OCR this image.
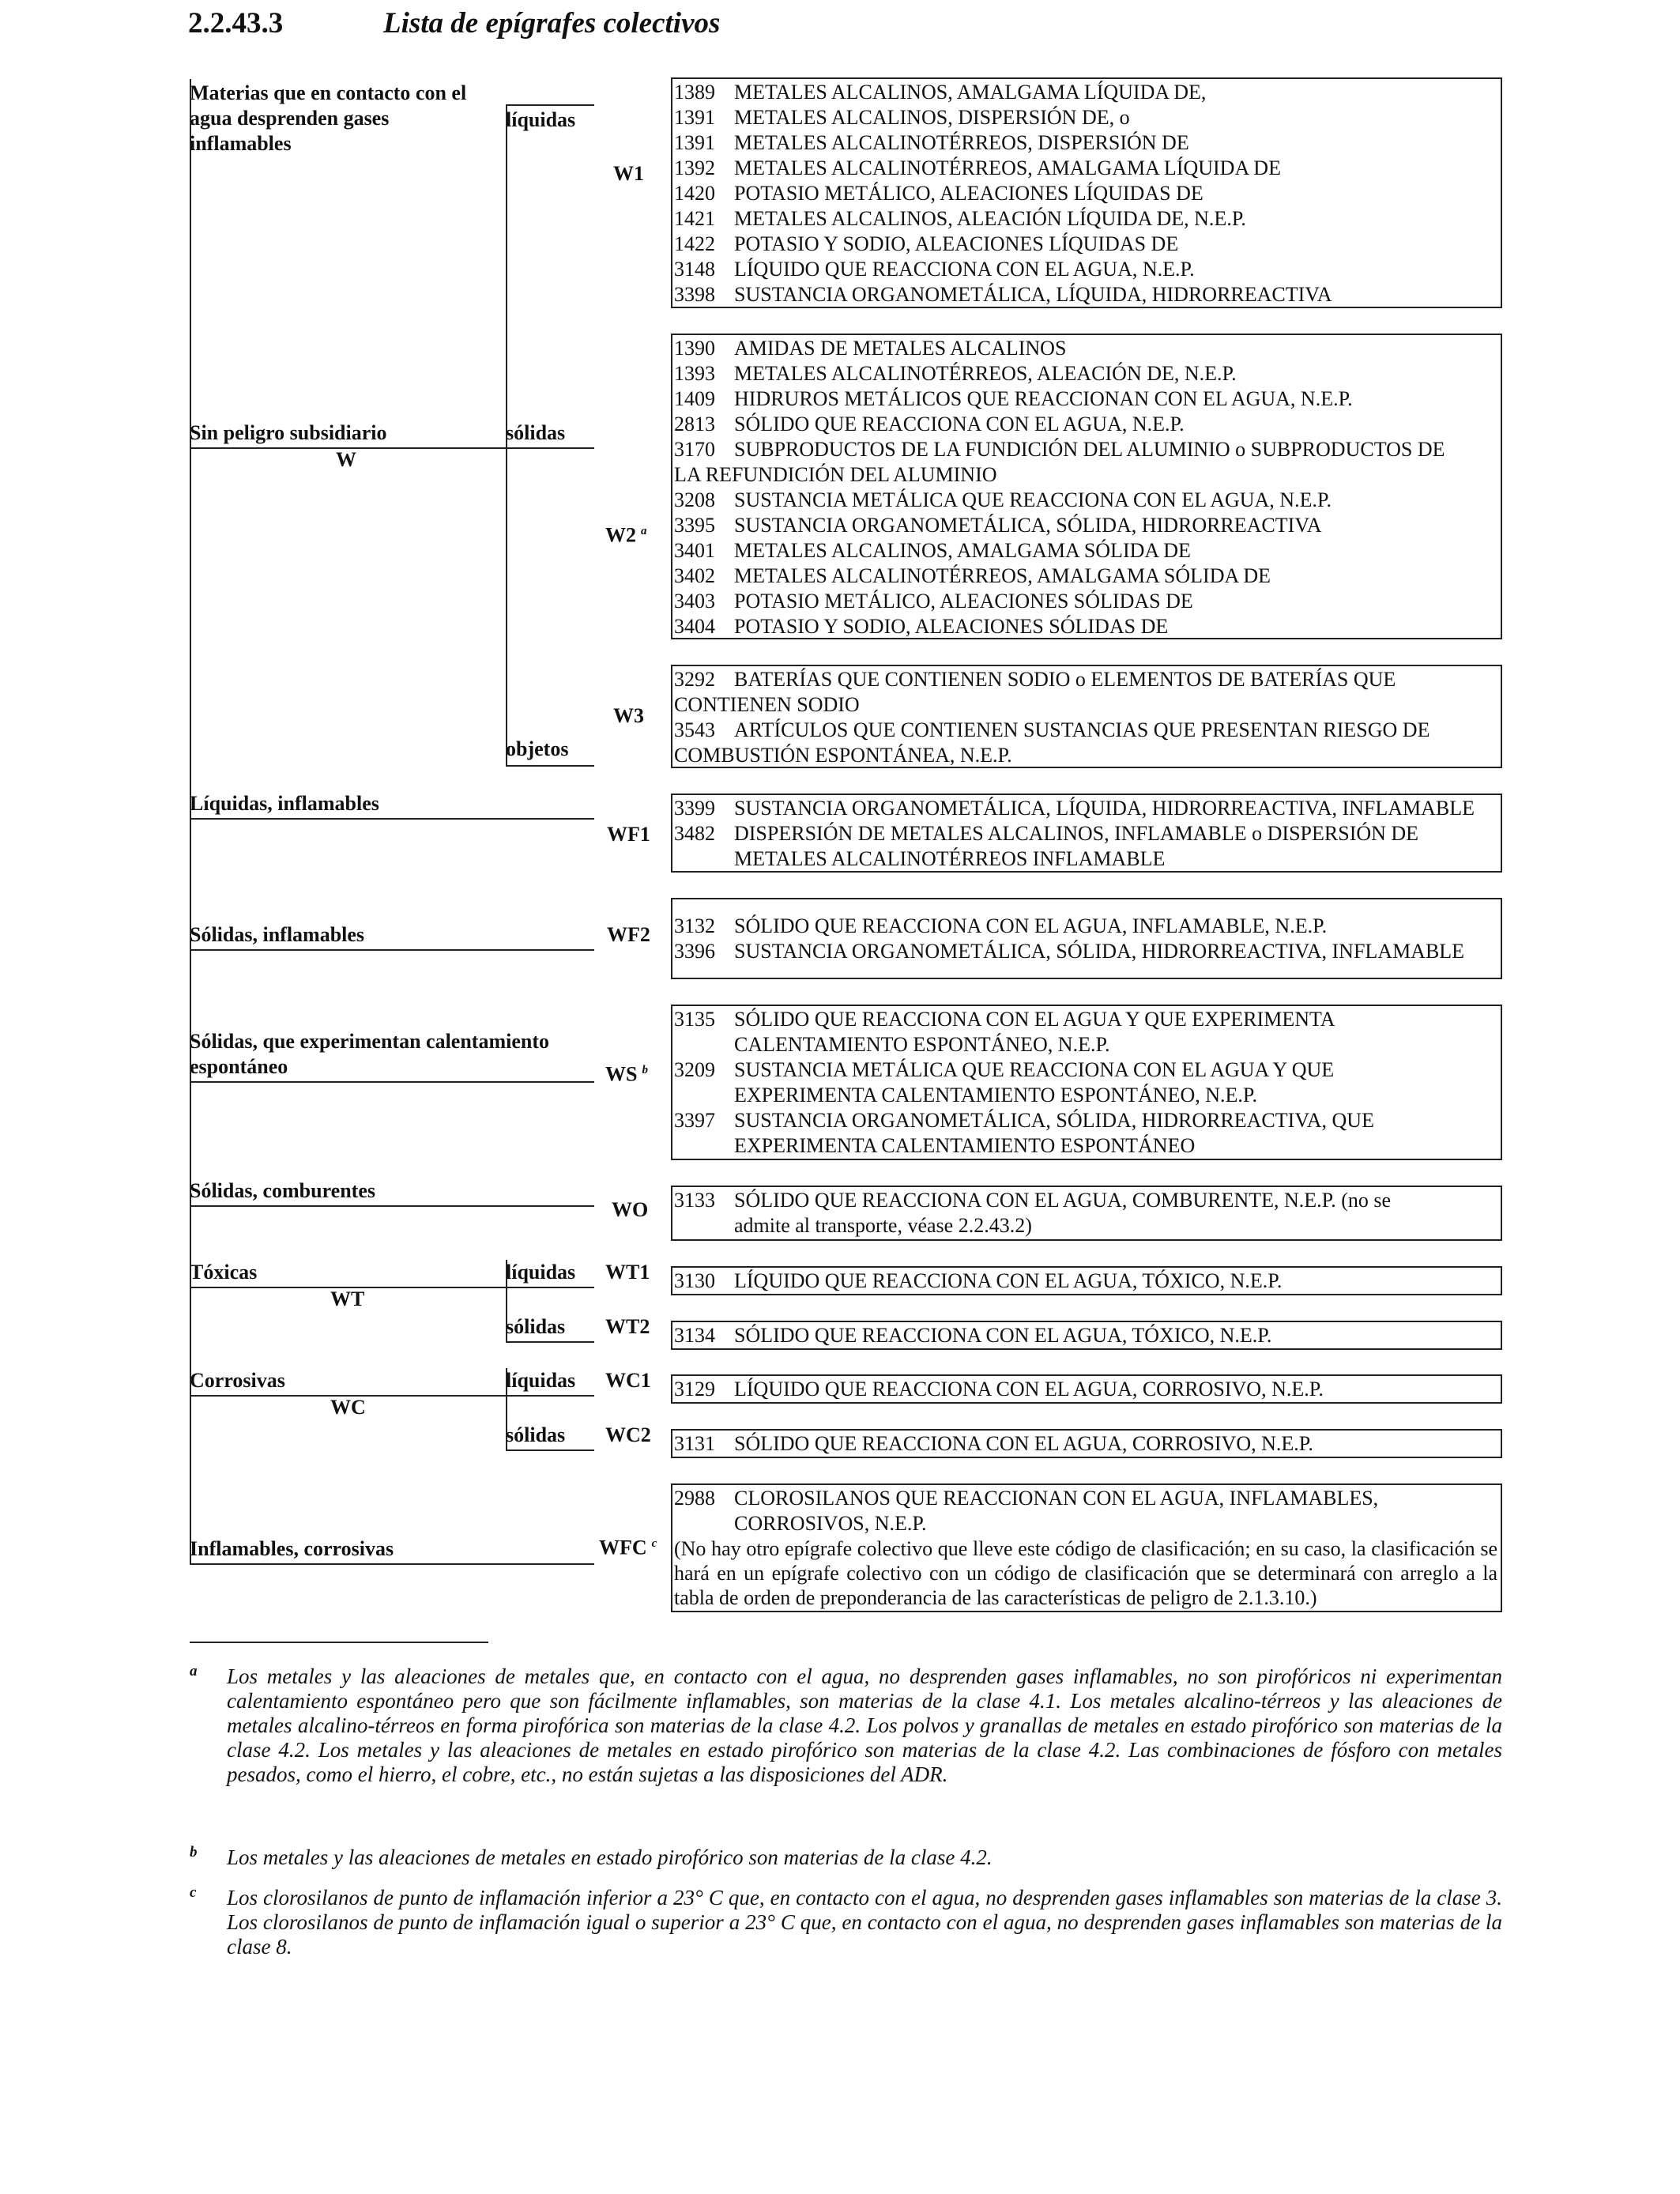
2.2.43.3	Lista de epígrafes colectivos
Materias que en contacto con el
agua desprenden gases
inflamables
líquidas
Sin peligro subsidiario
W
sólidas
objetos
Líquidas, inflamables
Sólidas, inflamables
Sólidas, que experimentan calentamiento
espontáneo
Sólidas, comburentes
Tóxicas
WT
líquidas
sólidas
Corrosivas
WC
líquidas
sólidas
Inflamables, corrosivas
W1
W2 $^a$
W3
WF1
WF2
WS $^b$
WO
WT1
WT2
WC1
WC2
WFC $^c$
1389 METALES ALCALINOS, AMALGAMA LÍQUIDA DE,
1391 METALES ALCALINOS, DISPERSIÓN DE, o
1391 METALES ALCALINOTÉRREOS, DISPERSIÓN DE
1392 METALES ALCALINOTÉRREOS, AMALGAMA LÍQUIDA DE
1420 POTASIO METÁLICO, ALEACIONES LÍQUIDAS DE
1421 METALES ALCALINOS, ALEACIÓN LÍQUIDA DE, N.E.P.
1422 POTASIO Y SODIO, ALEACIONES LÍQUIDAS DE
3148 LÍQUIDO QUE REACCIONA CON EL AGUA, N.E.P.
3398 SUSTANCIA ORGANOMETÁLICA, LÍQUIDA, HIDRORREACTIVA
1390 AMIDAS DE METALES ALCALINOS
1393 METALES ALCALINOTÉRREOS, ALEACIÓN DE, N.E.P.
1409 HIDRUROS METÁLICOS QUE REACCIONAN CON EL AGUA, N.E.P.
2813 SÓLIDO QUE REACCIONA CON EL AGUA, N.E.P.
3170 SUBPRODUCTOS DE LA FUNDICIÓN DEL ALUMINIO o SUBPRODUCTOS DE
LA REFUNDICIÓN DEL ALUMINIO
3208 SUSTANCIA METÁLICA QUE REACCIONA CON EL AGUA, N.E.P.
3395 SUSTANCIA ORGANOMETÁLICA, SÓLIDA, HIDRORREACTIVA
3401 METALES ALCALINOS, AMALGAMA SÓLIDA DE
3402 METALES ALCALINOTÉRREOS, AMALGAMA SÓLIDA DE
3403 POTASIO METÁLICO, ALEACIONES SÓLIDAS DE
3404 POTASIO Y SODIO, ALEACIONES SÓLIDAS DE
3292 BATERÍAS QUE CONTIENEN SODIO o ELEMENTOS DE BATERÍAS QUE
CONTIENEN SODIO
3543 ARTÍCULOS QUE CONTIENEN SUSTANCIAS QUE PRESENTAN RIESGO DE
COMBUSTIÓN ESPONTÁNEA, N.E.P.
3399 SUSTANCIA ORGANOMETÁLICA, LÍQUIDA, HIDRORREACTIVA, INFLAMABLE
3482 DISPERSIÓN DE METALES ALCALINOS, INFLAMABLE o DISPERSIÓN DE
METALES ALCALINOTÉRREOS INFLAMABLE
3132 SÓLIDO QUE REACCIONA CON EL AGUA, INFLAMABLE, N.E.P.
3396 SUSTANCIA ORGANOMETÁLICA, SÓLIDA, HIDRORREACTIVA, INFLAMABLE
3135 SÓLIDO QUE REACCIONA CON EL AGUA Y QUE EXPERIMENTA
CALENTAMIENTO ESPONTÁNEO, N.E.P.
3209 SUSTANCIA METÁLICA QUE REACCIONA CON EL AGUA Y QUE
EXPERIMENTA CALENTAMIENTO ESPONTÁNEO, N.E.P.
3397 SUSTANCIA ORGANOMETÁLICA, SÓLIDA, HIDRORREACTIVA, QUE
EXPERIMENTA CALENTAMIENTO ESPONTÁNEO
3133 SÓLIDO QUE REACCIONA CON EL AGUA, COMBURENTE, N.E.P. (no se
admite al transporte, véase 2.2.43.2)
3130 LÍQUIDO QUE REACCIONA CON EL AGUA, TÓXICO, N.E.P.
3134 SÓLIDO QUE REACCIONA CON EL AGUA, TÓXICO, N.E.P.
3129 LÍQUIDO QUE REACCIONA CON EL AGUA, CORROSIVO, N.E.P.
3131 SÓLIDO QUE REACCIONA CON EL AGUA, CORROSIVO, N.E.P.
2988 CLOROSILANOS QUE REACCIONAN CON EL AGUA, INFLAMABLES,
CORROSIVOS, N.E.P.
(No hay otro epígrafe colectivo que lleve este código de clasificación; en su caso, la clasificación se hará en un epígrafe colectivo con un código de clasificación que se determinará con arreglo a la tabla de orden de preponderancia de las características de peligro de 2.1.3.10.)
a Los metales y las aleaciones de metales que, en contacto con el agua, no desprenden gases inflamables, no son pirofóricos ni experimentan calentamiento espontáneo pero que son fácilmente inflamables, son materias de la clase 4.1. Los metales alcalino-térreos y las aleaciones de metales alcalino-térreos en forma pirofórica son materias de la clase 4.2. Los polvos y granallas de metales en estado pirofórico son materias de la clase 4.2. Los metales y las aleaciones de metales en estado pirofórico son materias de la clase 4.2. Las combinaciones de fósforo con metales pesados, como el hierro, el cobre, etc., no están sujetas a las disposiciones del ADR.
b Los metales y las aleaciones de metales en estado pirofórico son materias de la clase 4.2.
c Los clorosilanos de punto de inflamación inferior a 23° C que, en contacto con el agua, no desprenden gases inflamables son materias de la clase 3. Los clorosilanos de punto de inflamación igual o superior a 23° C que, en contacto con el agua, no desprenden gases inflamables son materias de la clase 8.
